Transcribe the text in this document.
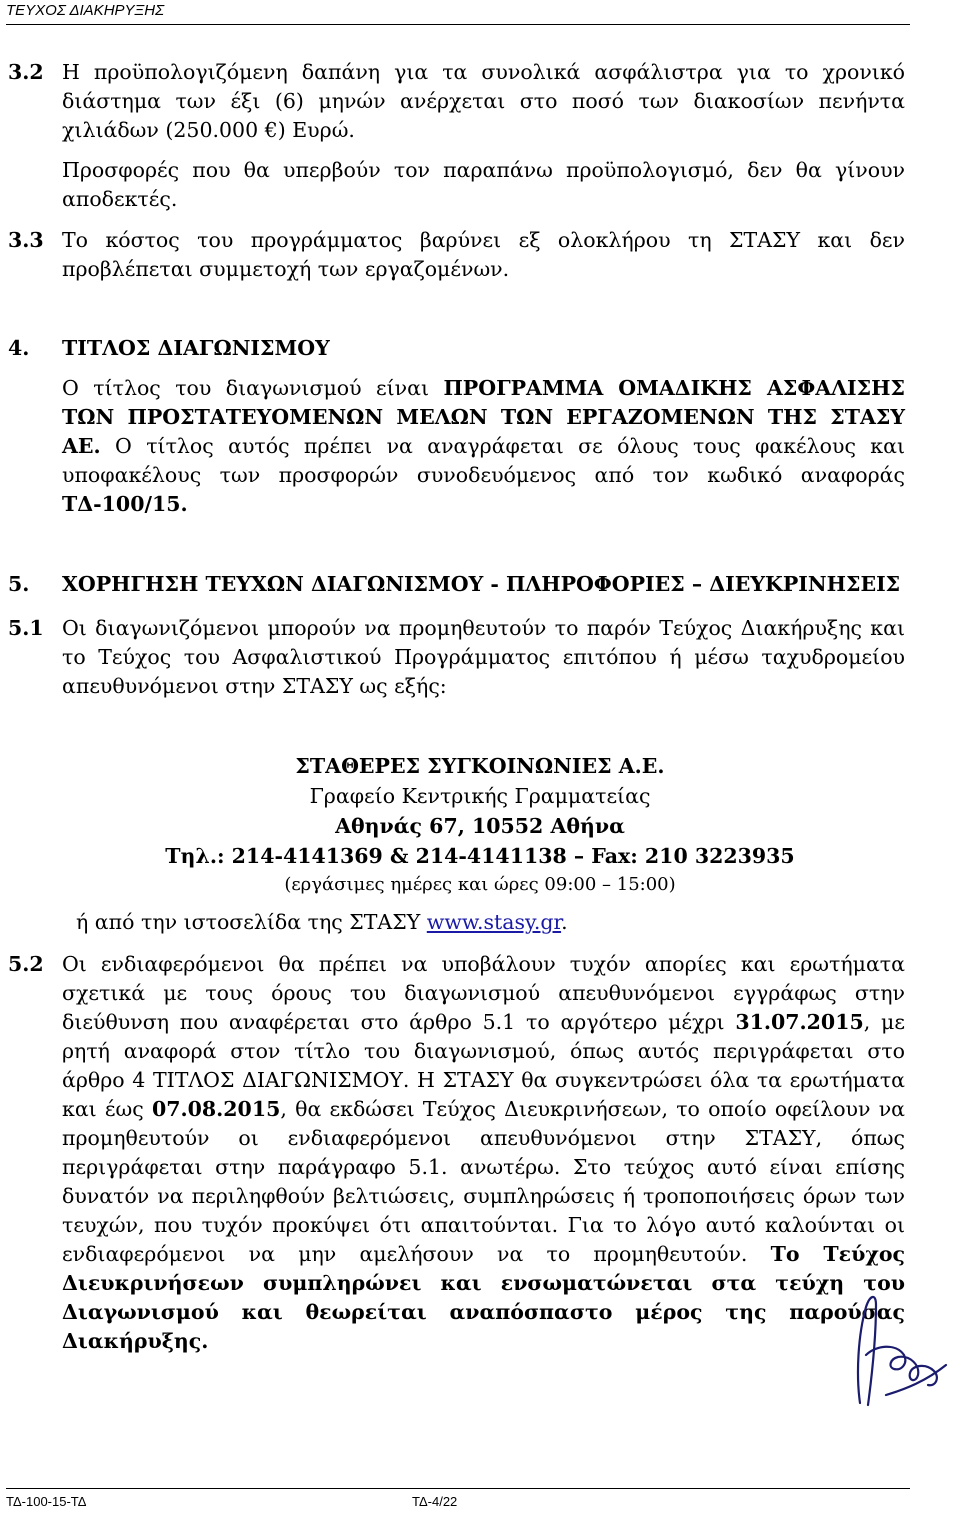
ΤΕΥΧΟΣ ΔΙΑΚΗΡΥΞΗΣ
3.2 Η προϋπολογιζόμενη δαπάνη για τα συνολικά ασφάλιστρα για το χρονικό διάστημα των έξι (6) μηνών ανέρχεται στο ποσό των διακοσίων πενήντα χιλιάδων (250.000 €) Ευρώ.
Προσφορές που θα υπερβούν τον παραπάνω προϋπολογισμό, δεν θα γίνουν αποδεκτές.
3.3 Το κόστος του προγράμματος βαρύνει εξ ολοκλήρου τη ΣΤΑΣΥ και δεν προβλέπεται συμμετοχή των εργαζομένων.
4. ΤΙΤΛΟΣ ΔΙΑΓΩΝΙΣΜΟΥ
Ο τίτλος του διαγωνισμού είναι ΠΡΟΓΡΑΜΜΑ ΟΜΑΔΙΚΗΣ ΑΣΦΑΛΙΣΗΣ ΤΩΝ ΠΡΟΣΤΑΤΕΥΟΜΕΝΩΝ ΜΕΛΩΝ ΤΩΝ ΕΡΓΑΖΟΜΕΝΩΝ ΤΗΣ ΣΤΑΣΥ ΑΕ. Ο τίτλος αυτός πρέπει να αναγράφεται σε όλους τους φακέλους και υποφακέλους των προσφορών συνοδευόμενος από τον κωδικό αναφοράς ΤΔ-100/15.
5. ΧΟΡΗΓΗΣΗ ΤΕΥΧΩΝ ΔΙΑΓΩΝΙΣΜΟΥ - ΠΛΗΡΟΦΟΡΙΕΣ – ΔΙΕΥΚΡΙΝΗΣΕΙΣ
5.1 Οι διαγωνιζόμενοι μπορούν να προμηθευτούν το παρόν Τεύχος Διακήρυξης και το Τεύχος του Ασφαλιστικού Προγράμματος επιτόπου ή μέσω ταχυδρομείου απευθυνόμενοι στην ΣΤΑΣΥ ως εξής:
ΣΤΑΘΕΡΕΣ ΣΥΓΚΟΙΝΩΝΙΕΣ Α.Ε.
Γραφείο Κεντρικής Γραμματείας
Αθηνάς 67, 10552 Αθήνα
Τηλ.: 214-4141369 & 214-4141138 – Fax: 210 3223935
(εργάσιμες ημέρες και ώρες 09:00 – 15:00)
ή από την ιστοσελίδα της ΣΤΑΣΥ www.stasy.gr.
5.2 Οι ενδιαφερόμενοι θα πρέπει να υποβάλουν τυχόν απορίες και ερωτήματα σχετικά με τους όρους του διαγωνισμού απευθυνόμενοι εγγράφως στην διεύθυνση που αναφέρεται στο άρθρο 5.1 το αργότερο μέχρι 31.07.2015, με ρητή αναφορά στον τίτλο του διαγωνισμού, όπως αυτός περιγράφεται στο άρθρο 4 ΤΙΤΛΟΣ ΔΙΑΓΩΝΙΣΜΟΥ. Η ΣΤΑΣΥ θα συγκεντρώσει όλα τα ερωτήματα και έως 07.08.2015, θα εκδώσει Τεύχος Διευκρινήσεων, το οποίο οφείλουν να προμηθευτούν οι ενδιαφερόμενοι απευθυνόμενοι στην ΣΤΑΣΥ, όπως περιγράφεται στην παράγραφο 5.1. ανωτέρω. Στο τεύχος αυτό είναι επίσης δυνατόν να περιληφθούν βελτιώσεις, συμπληρώσεις ή τροποποιήσεις όρων των τευχών, που τυχόν προκύψει ότι απαιτούνται. Για το λόγο αυτό καλούνται οι ενδιαφερόμενοι να μην αμελήσουν να το προμηθευτούν. Το Τεύχος Διευκρινήσεων συμπληρώνει και ενσωματώνεται στα τεύχη του Διαγωνισμού και θεωρείται αναπόσπαστο μέρος της παρούσας Διακήρυξης.
ΤΔ-100-15-ΤΔ	ΤΔ-4/22
